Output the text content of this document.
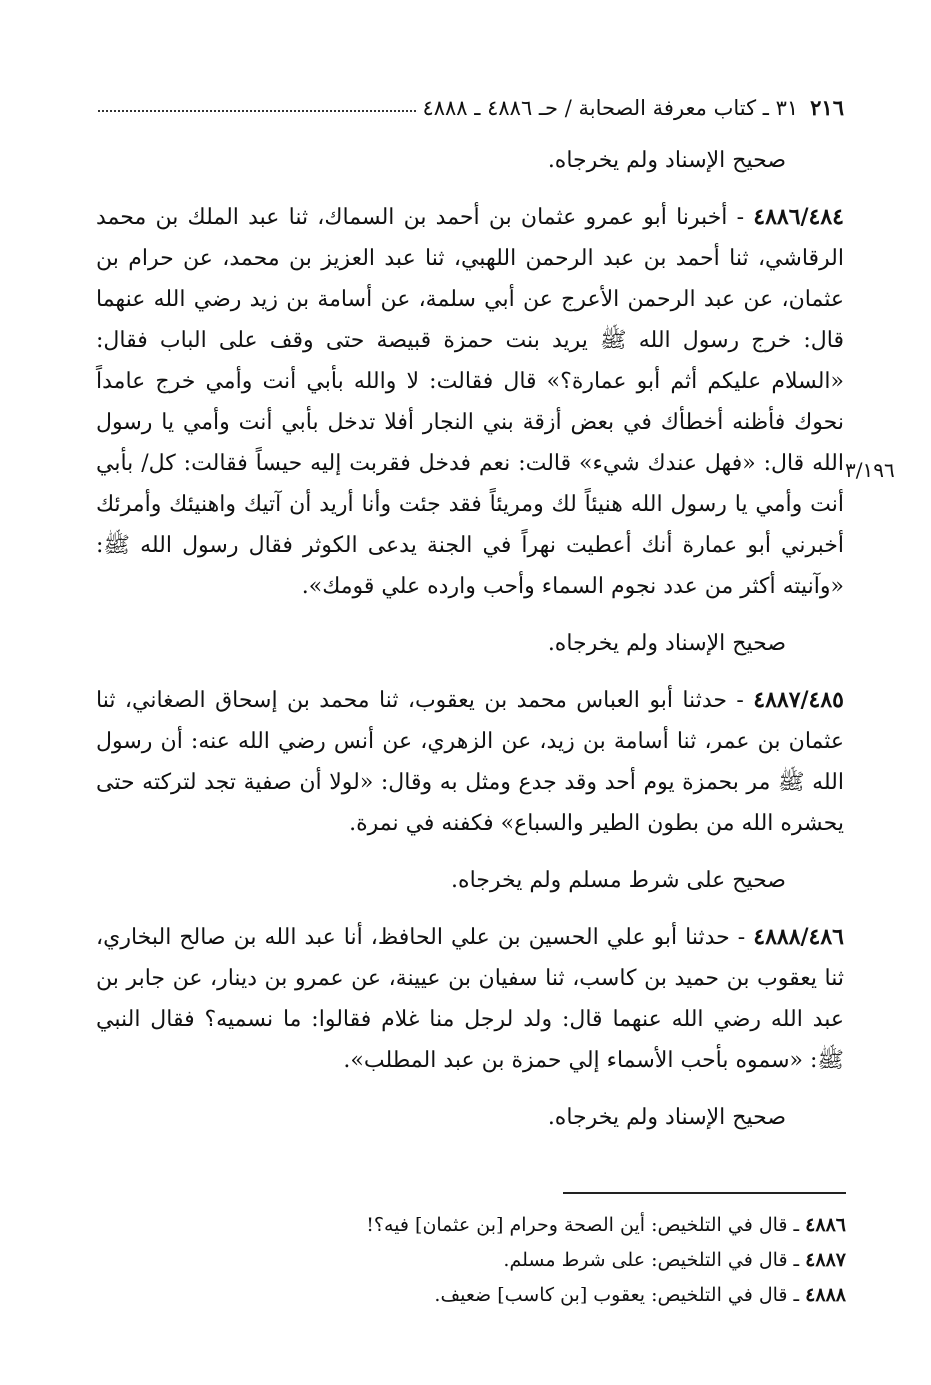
٢١٦
٣١ ـ كتاب معرفة الصحابة / حـ ٤٨٨٦ ـ ٤٨٨٨
٣/١٩٦

صحيح الإسناد ولم يخرجاه.

٤٨٨٦/٤٨٤ - أخبرنا أبو عمرو عثمان بن أحمد بن السماك، ثنا عبد الملك بن محمد الرقاشي، ثنا أحمد بن عبد الرحمن اللهبي، ثنا عبد العزيز بن محمد، عن حرام بن عثمان، عن عبد الرحمن الأعرج عن أبي سلمة، عن أسامة بن زيد رضي الله عنهما قال: خرج رسول الله ﷺ يريد بنت حمزة قبيصة حتى وقف على الباب فقال: «السلام عليكم أثم أبو عمارة؟» قال فقالت: لا والله بأبي أنت وأمي خرج عامداً نحوك فأظنه أخطأك في بعض أزقة بني النجار أفلا تدخل بأبي أنت وأمي يا رسول الله قال: «فهل عندك شيء» قالت: نعم فدخل فقربت إليه حيساً فقالت: كل/ بأبي أنت وأمي يا رسول الله هنيئاً لك ومريئاً فقد جئت وأنا أريد أن آتيك واهنيئك وأمرئك أخبرني أبو عمارة أنك أعطيت نهراً في الجنة يدعى الكوثر فقال رسول الله ﷺ: «وآنيته أكثر من عدد نجوم السماء وأحب وارده علي قومك».

صحيح الإسناد ولم يخرجاه.

٤٨٨٧/٤٨٥ - حدثنا أبو العباس محمد بن يعقوب، ثنا محمد بن إسحاق الصغاني، ثنا عثمان بن عمر، ثنا أسامة بن زيد، عن الزهري، عن أنس رضي الله عنه: أن رسول الله ﷺ مر بحمزة يوم أحد وقد جدع ومثل به وقال: «لولا أن صفية تجد لتركته حتى يحشره الله من بطون الطير والسباع» فكفنه في نمرة.

صحيح على شرط مسلم ولم يخرجاه.

٤٨٨٨/٤٨٦ - حدثنا أبو علي الحسين بن علي الحافظ، أنا عبد الله بن صالح البخاري، ثنا يعقوب بن حميد بن كاسب، ثنا سفيان بن عيينة، عن عمرو بن دينار، عن جابر بن عبد الله رضي الله عنهما قال: ولد لرجل منا غلام فقالوا: ما نسميه؟ فقال النبي ﷺ: «سموه بأحب الأسماء إلي حمزة بن عبد المطلب».

صحيح الإسناد ولم يخرجاه.

٤٨٨٦ ـ قال في التلخيص: أين الصحة وحرام [بن عثمان] فيه؟!
٤٨٨٧ ـ قال في التلخيص: على شرط مسلم.
٤٨٨٨ ـ قال في التلخيص: يعقوب [بن كاسب] ضعيف.
